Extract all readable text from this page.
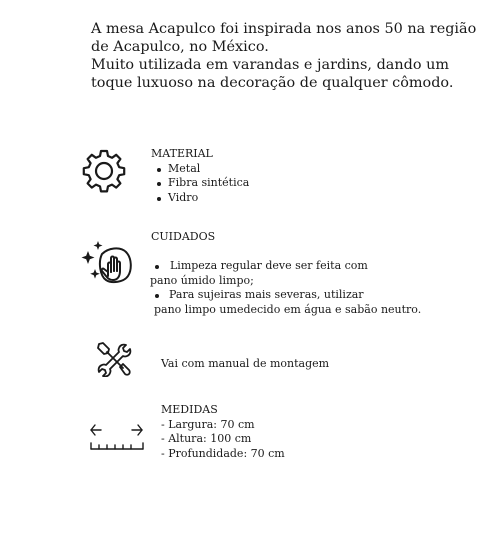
A mesa Acapulco foi inspirada nos anos 50 na região de Acapulco, no México.

Muito utilizada em varandas e jardins, dando um toque luxuoso na decoração de qualquer cômodo.

MATERIAL

Metal
Fibra sintética
Vidro

CUIDADOS

Limpeza regular deve ser feita com

pano úmido limpo;

Para sujeiras mais severas, utilizar

pano limpo umedecido em água e sabão neutro.

Vai com manual de montagem

MEDIDAS

- Largura: 70 cm

- Altura: 100 cm

- Profundidade: 70 cm
